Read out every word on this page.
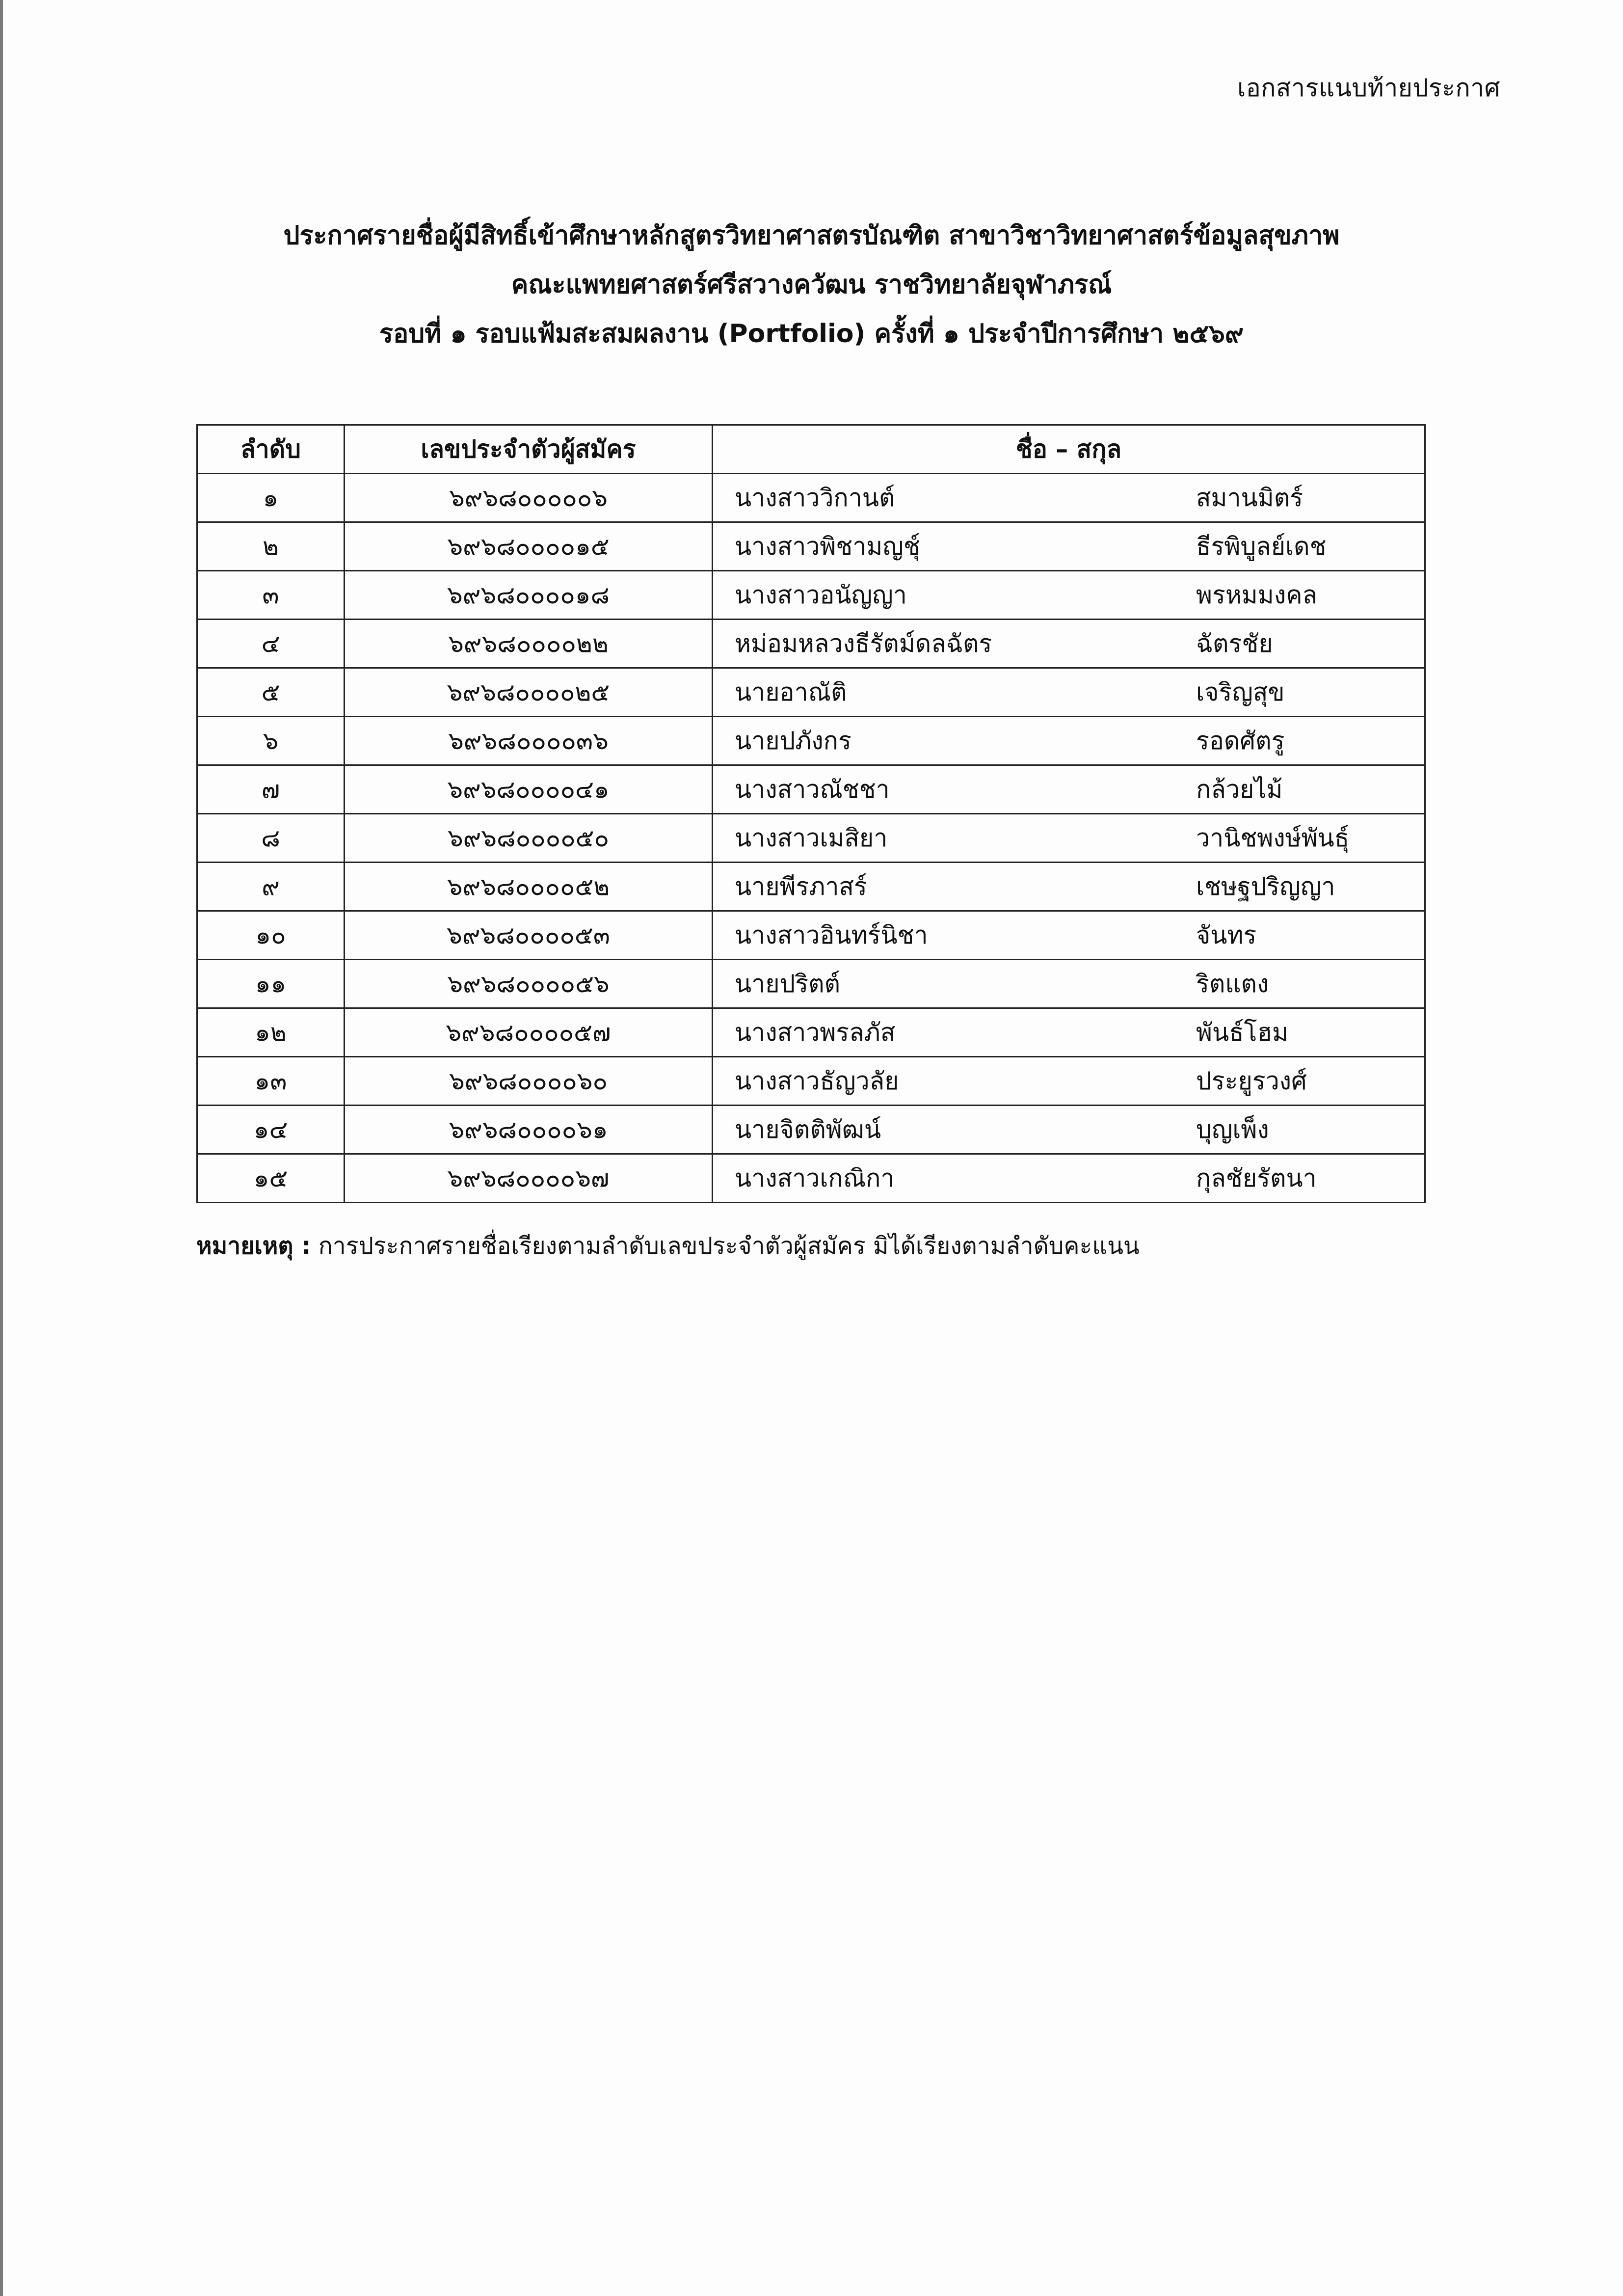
เอกสารแนบท้ายประกาศ
ประกาศรายชื่อผู้มีสิทธิ์เข้าศึกษาหลักสูตรวิทยาศาสตรบัณฑิต สาขาวิชาวิทยาศาสตร์ข้อมูลสุขภาพ
คณะแพทยศาสตร์ศรีสวางควัฒน ราชวิทยาลัยจุฬาภรณ์
รอบที่ ๑ รอบแฟ้มสะสมผลงาน (Portfolio) ครั้งที่ ๑ ประจำปีการศึกษา ๒๕๖๙
ลำดับ	เลขประจำตัวผู้สมัคร	ชื่อ – สกุล
๑	๖๙๖๘๐๐๐๐๐๖	นางสาววิกานต์ สมานมิตร์

๒	๖๙๖๘๐๐๐๐๑๕	นางสาวพิชามญชุ์ ธีรพิบูลย์เดช

๓	๖๙๖๘๐๐๐๐๑๘	นางสาวอนัญญา พรหมมงคล

๔	๖๙๖๘๐๐๐๐๒๒	หม่อมหลวงธีรัตม์ดลฉัตร ฉัตรชัย

๕	๖๙๖๘๐๐๐๐๒๕	นายอาณัติ เจริญสุข

๖	๖๙๖๘๐๐๐๐๓๖	นายปภังกร รอดศัตรู

๗	๖๙๖๘๐๐๐๐๔๑	นางสาวณัชชา กล้วยไม้

๘	๖๙๖๘๐๐๐๐๕๐	นางสาวเมสิยา วานิชพงษ์พันธุ์

๙	๖๙๖๘๐๐๐๐๕๒	นายพีรภาสร์ เชษฐปริญญา

๑๐	๖๙๖๘๐๐๐๐๕๓	นางสาวอินทร์นิชา จันทร

๑๑	๖๙๖๘๐๐๐๐๕๖	นายปริตต์ ริตแตง

๑๒	๖๙๖๘๐๐๐๐๕๗	นางสาวพรลภัส พันธ์โฮม

๑๓	๖๙๖๘๐๐๐๐๖๐	นางสาวธัญวลัย ประยูรวงศ์

๑๔	๖๙๖๘๐๐๐๐๖๑	นายจิตติพัฒน์ บุญเพ็ง

๑๕	๖๙๖๘๐๐๐๐๖๗	นางสาวเกณิกา กุลชัยรัตนา
หมายเหตุ : การประกาศรายชื่อเรียงตามลำดับเลขประจำตัวผู้สมัคร มิได้เรียงตามลำดับคะแนน
